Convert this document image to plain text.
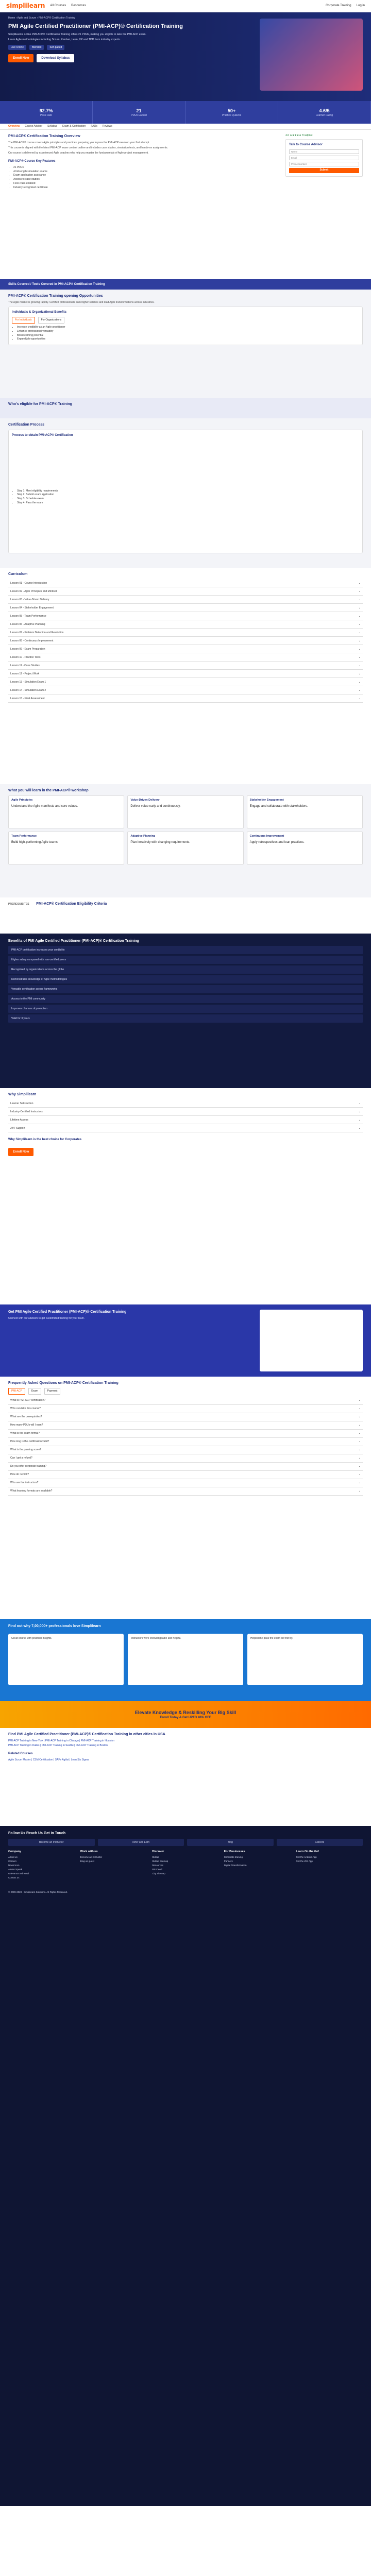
simplilearn All Courses Resources	Corporate Training Log in
Home › Agile and Scrum › PMI-ACP® Certification Training
PMI Agile Certified Practitioner (PMI-ACP)® Certification Training

Simplilearn's online PMI-ACP® Certification Training offers 21 PDUs, making you eligible to take the PMI-ACP exam.

Learn Agile methodologies including Scrum, Kanban, Lean, XP and TDD from industry experts.

Live Online	Blended	Self-paced
Enroll Now	Download Syllabus
92.7%
Pass Rate
21
PDUs Earned
50+
Practice Quizzes
4.6/5
Learner Rating
Overview Course Advisor Syllabus Exam & Certification FAQs Reviews
PMI-ACP® Certification Training Overview

The PMI-ACP® course covers Agile principles and practices, preparing you to pass the PMI-ACP exam on your first attempt.

This course is aligned with the latest PMI-ACP exam content outline and includes case studies, simulation tests, and hands-on assignments.

Our course is delivered by experienced Agile coaches who help you master the fundamentals of Agile project management.

PMI-ACP® Course Key Features
• 21 PDUs
• 4 full-length simulation exams
• Exam application assistance
• Access to case studies
• Flexi-Pass enabled
• Industry-recognized certificate
4.6 ★★★★★ Trustpilot
Talk to Course Advisor
Name
Email
Phone Number
Submit
Skills Covered / Tools Covered in PMI-ACP® Certification Training
PMI-ACP® Certification Training opening Opportunities

The Agile market is growing rapidly. Certified professionals earn higher salaries and lead Agile transformations across industries.

Individuals & Organizational Benefits
For Individuals	For Organizations
• Increase credibility as an Agile practitioner
• Enhance professional versatility
• Boost earning potential
• Expand job opportunities
Who's eligible for PMI-ACP® Training
Certification Process
Process to obtain PMI-ACP® Certification
• Step 1: Meet eligibility requirements
• Step 2: Submit exam application
• Step 3: Schedule exam
• Step 4: Pass the exam
Curriculum
Lesson 01 - Course Introduction	⌄
Lesson 02 - Agile Principles and Mindset	⌄
Lesson 03 - Value-Driven Delivery	⌄
Lesson 04 - Stakeholder Engagement	⌄
Lesson 05 - Team Performance	⌄
Lesson 06 - Adaptive Planning	⌄
Lesson 07 - Problem Detection and Resolution	⌄
Lesson 08 - Continuous Improvement	⌄
Lesson 09 - Exam Preparation	⌄
Lesson 10 - Practice Tests	⌄
Lesson 11 - Case Studies	⌄
Lesson 12 - Project Work	⌄
Lesson 13 - Simulation Exam 1	⌄
Lesson 14 - Simulation Exam 2	⌄
Lesson 15 - Final Assessment	⌄
What you will learn in the PMI-ACP® workshop
Agile Principles
Understand the Agile manifesto and core values.
Value-Driven Delivery
Deliver value early and continuously.
Stakeholder Engagement
Engage and collaborate with stakeholders.
Team Performance
Build high-performing Agile teams.
Adaptive Planning
Plan iteratively with changing requirements.
Continuous Improvement
Apply retrospectives and lean practices.
PREREQUISITES PMI-ACP® Certification Eligibility Criteria
Benefits of PMI Agile Certified Practitioner (PMI-ACP)® Certification Training
PMI-ACP certification increases your credibility
Higher salary compared with non-certified peers
Recognized by organizations across the globe
Demonstrates knowledge of Agile methodologies
Versatile certification across frameworks
Access to the PMI community
Improves chances of promotion
Valid for 3 years
Why Simplilearn
Learner Satisfaction	⌄
Industry-Certified Instructors	⌄
Lifetime Access	⌄
24/7 Support	⌄
Why Simplilearn is the best choice for Corporates
Enroll Now
Get PMI Agile Certified Practitioner (PMI-ACP)® Certification Training

Connect with our advisors to get customized training for your team.

Frequently Asked Questions on PMI-ACP® Certification Training
PMI-ACP	Exam	Payment
What is PMI-ACP certification?	⌄
Who can take this course?	⌄
What are the prerequisites?	⌄
How many PDUs will I earn?	⌄
What is the exam format?	⌄
How long is the certification valid?	⌄
What is the passing score?	⌄
Can I get a refund?	⌄
Do you offer corporate training?	⌄
How do I enroll?	⌄
Who are the instructors?	⌄
What learning formats are available?	⌄
Find out why 7,00,000+ professionals love Simplilearn
Great course with practical insights.	Instructors were knowledgeable and helpful.	Helped me pass the exam on first try.
Elevate Knowledge & Reskilling Your Big Skill
Enroll Today & Get UPTO 40% OFF
Find PMI Agile Certified Practitioner (PMI-ACP)® Certification Training in other cities in USA
PMI-ACP Training in New York | PMI-ACP Training in Chicago | PMI-ACP Training in Houston
PMI-ACP Training in Dallas | PMI-ACP Training in Seattle | PMI-ACP Training in Boston
Related Courses
Agile Scrum Master | CSM Certification | SAFe Agilist | Lean Six Sigma
Follow Us Reach Us Get in Touch
Become an Instructor	Refer and Earn	Blog	Careers
Company
About us
Careers
Newsroom
Alumni speak
Grievance redressal
Contact us
Work with us
Become an instructor
Blog as guest
Discover
Skillup
Skillup Sitemap
Resources
RSS feed
City Sitemap
For Businesses
Corporate training
Partners
Digital Transformation
Learn On the Go!
Get the Android App
Get the iOS App
© 2009-2023 - Simplilearn Solutions. All Rights Reserved.
